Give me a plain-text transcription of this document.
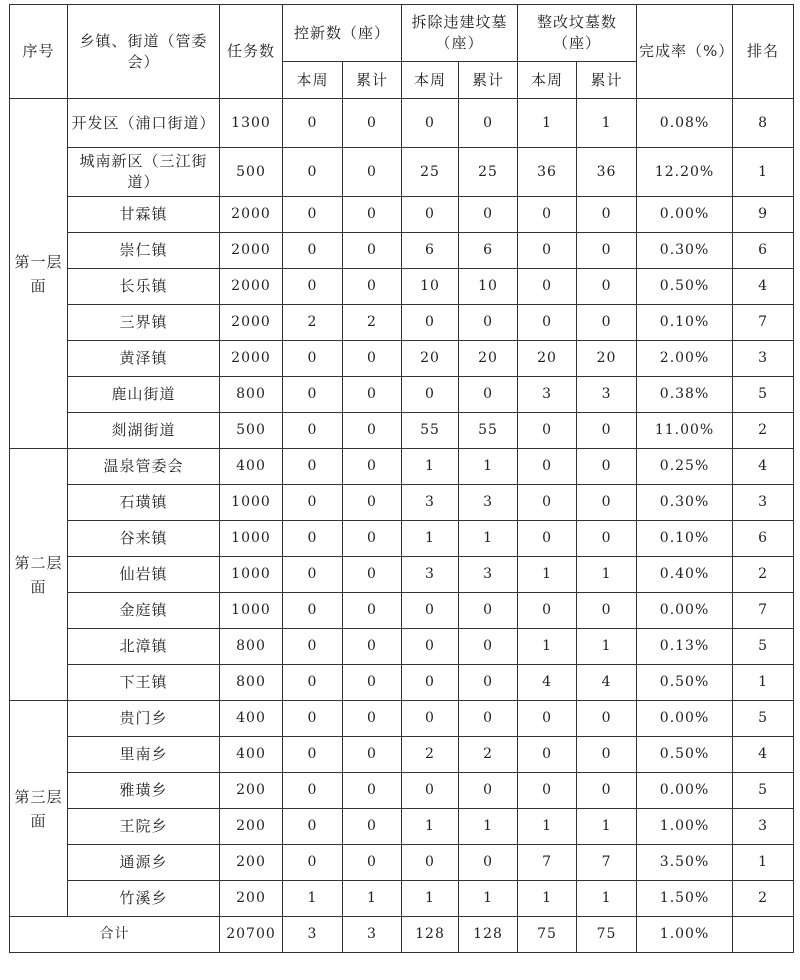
序号	乡镇、街道（管委会）	任务数	控新数（座）		拆除违建坟墓（座）		整改坟墓数（座）		完成率（%）	排名
			本周	累计	本周	累计	本周	累计		
第一层面	开发区（浦口街道）	1300	0	0	0	0	1	1	0.08%	8
	城南新区（三江街道）	500	0	0	25	25	36	36	12.20%	1
	甘霖镇	2000	0	0	0	0	0	0	0.00%	9
	崇仁镇	2000	0	0	6	6	0	0	0.30%	6
	长乐镇	2000	0	0	10	10	0	0	0.50%	4
	三界镇	2000	2	2	0	0	0	0	0.10%	7
	黄泽镇	2000	0	0	20	20	20	20	2.00%	3
	鹿山街道	800	0	0	0	0	3	3	0.38%	5
	剡湖街道	500	0	0	55	55	0	0	11.00%	2
第二层面	温泉管委会	400	0	0	1	1	0	0	0.25%	4
	石璜镇	1000	0	0	3	3	0	0	0.30%	3
	谷来镇	1000	0	0	1	1	0	0	0.10%	6
	仙岩镇	1000	0	0	3	3	1	1	0.40%	2
	金庭镇	1000	0	0	0	0	0	0	0.00%	7
	北漳镇	800	0	0	0	0	1	1	0.13%	5
	下王镇	800	0	0	0	0	4	4	0.50%	1
第三层面	贵门乡	400	0	0	0	0	0	0	0.00%	5
	里南乡	400	0	0	2	2	0	0	0.50%	4
	雅璜乡	200	0	0	0	0	0	0	0.00%	5
	王院乡	200	0	0	1	1	1	1	1.00%	3
	通源乡	200	0	0	0	0	7	7	3.50%	1
	竹溪乡	200	1	1	1	1	1	1	1.50%	2
合计		20700	3	3	128	128	75	75	1.00%	
